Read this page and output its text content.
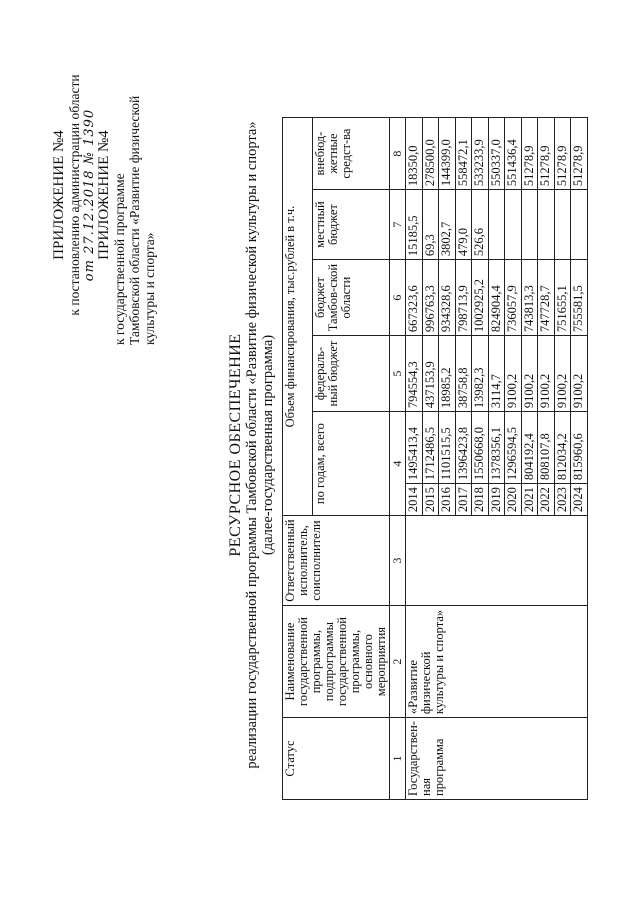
ПРИЛОЖЕНИЕ №4 к постановлению администрации области от 27.12.2018 № 1390 ПРИЛОЖЕНИЕ №4 к государственной программе Тамбовской области «Развитие физической культуры и спорта»
РЕСУРСНОЕ ОБЕСПЕЧЕНИЕ реализации государственной программы Тамбовской области «Развитие физической культуры и спорта» (далее-государственная программа)
Статус	Наименование государственной программы, подпрограммы государственной программы, основного мероприятия	Ответственный исполнитель, соисполнители	Объем финансирования, тыс.рублей в т.ч.					
			по годам, всего		федераль-ный бюджет	бюджет Тамбов-ской области	местный бюджет	внебюд-жетные средст-ва
1	2	3	4		5	6	7	8
Государствен-ная программа	«Развитие физической культуры и спорта»		2014	1495413,4	794554,3	667323,6	15185,5	18350,0
			2015	1712486,5	437153,9	996763,3	69,3	278500,0
			2016	1101515,5	18985,2	934328,6	3802,7	144399,0
			2017	1396423,8	38758,8	798713,9	479,0	558472,1
			2018	1550668,0	13982,3	1002925,2	526,6	533233,9
			2019	1378356,1	3114,7	824904,4		550337,0
			2020	1296594,5	9100,2	736057,9		551436,4
			2021	804192,4	9100,2	743813,3		51278,9
			2022	808107,8	9100,2	747728,7		51278,9
			2023	812034,2	9100,2	751655,1		51278,9
			2024	815960,6	9100,2	755581,5		51278,9
